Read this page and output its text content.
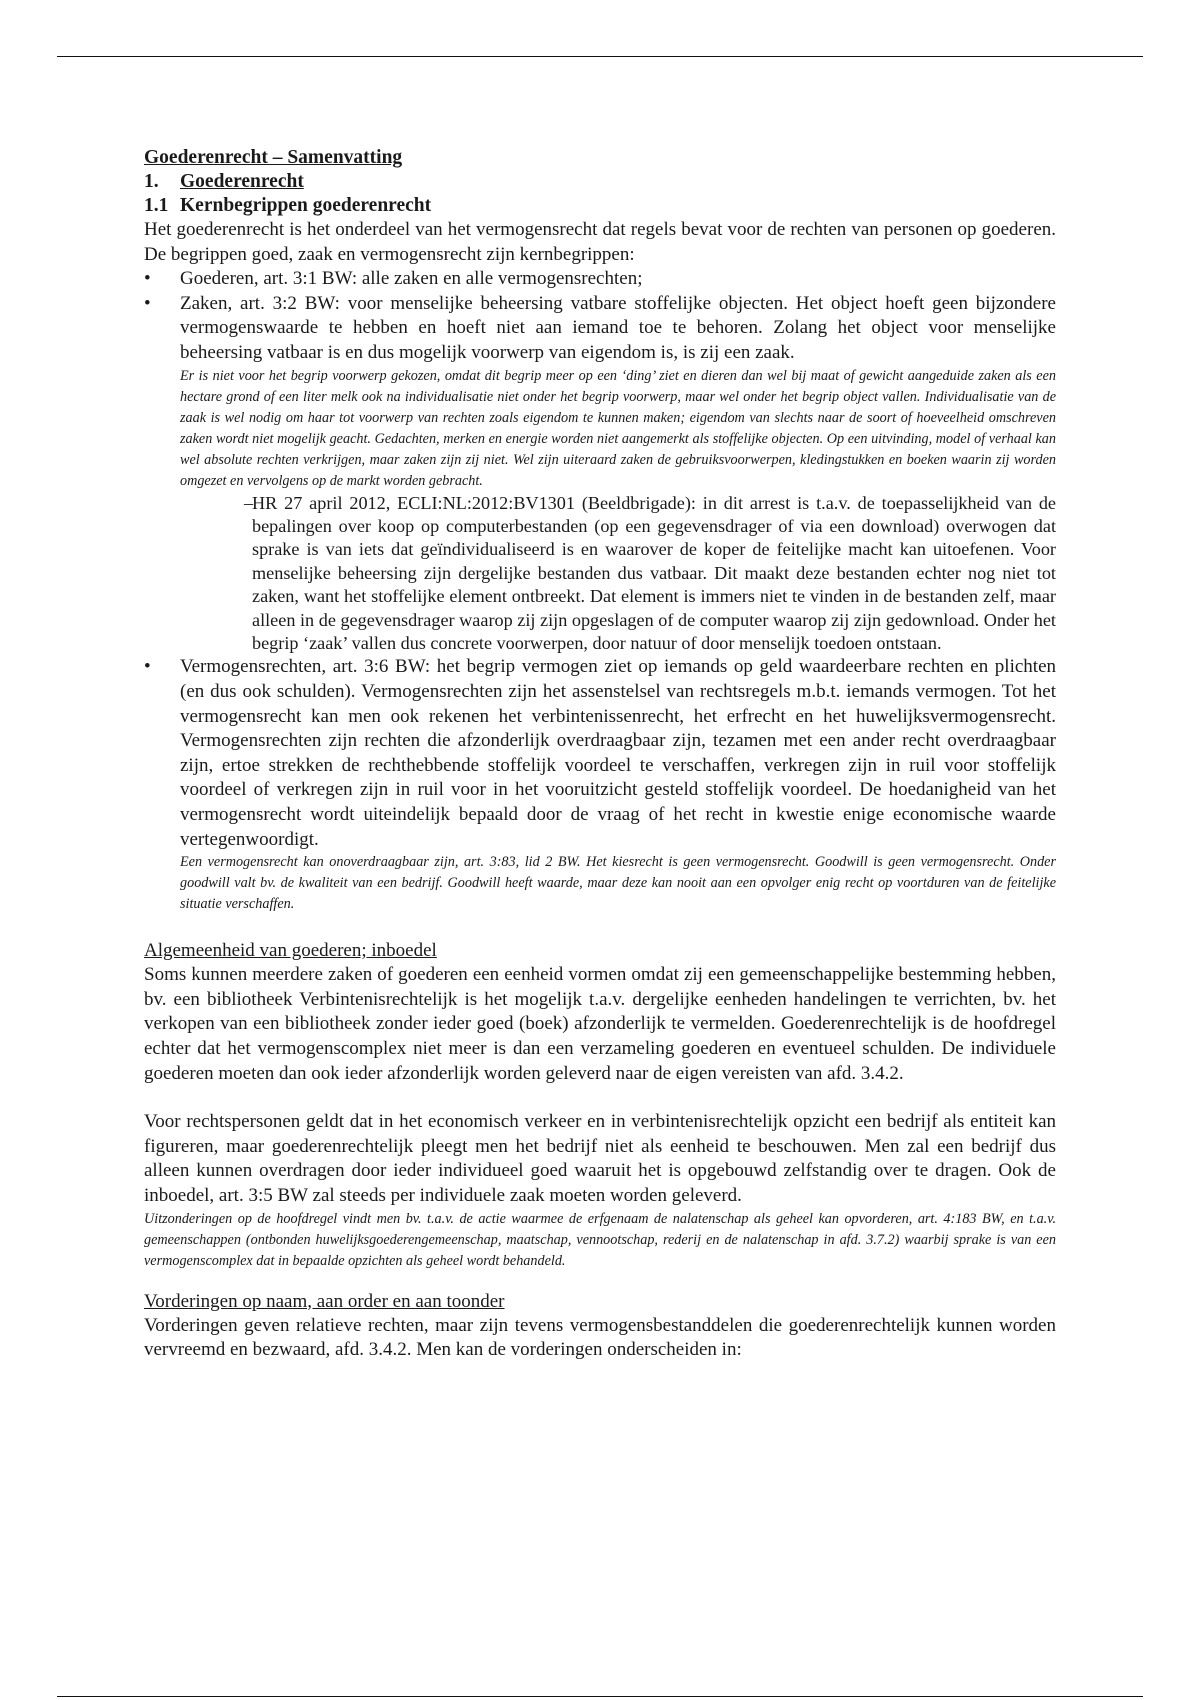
Goederenrecht – Samenvatting

1. Goederenrecht

1.1 Kernbegrippen goederenrecht

Het goederenrecht is het onderdeel van het vermogensrecht dat regels bevat voor de rechten van personen op goederen. De begrippen goed, zaak en vermogensrecht zijn kernbegrippen:

•	Goederen, art. 3:1 BW: alle zaken en alle vermogensrechten;
•	Zaken, art. 3:2 BW: voor menselijke beheersing vatbare stoffelijke objecten. Het object hoeft geen bijzondere vermogenswaarde te hebben en hoeft niet aan iemand toe te behoren. Zolang het object voor menselijke beheersing vatbaar is en dus mogelijk voorwerp van eigendom is, is zij een zaak.

Er is niet voor het begrip voorwerp gekozen, omdat dit begrip meer op een ‘ding’ ziet en dieren dan wel bij maat of gewicht aangeduide zaken als een hectare grond of een liter melk ook na individualisatie niet onder het begrip voorwerp, maar wel onder het begrip object vallen. Individualisatie van de zaak is wel nodig om haar tot voorwerp van rechten zoals eigendom te kunnen maken; eigendom van slechts naar de soort of hoeveelheid omschreven zaken wordt niet mogelijk geacht. Gedachten, merken en energie worden niet aangemerkt als stoffelijke objecten. Op een uitvinding, model of verhaal kan wel absolute rechten verkrijgen, maar zaken zijn zij niet. Wel zijn uiteraard zaken de gebruiksvoorwerpen, kledingstukken en boeken waarin zij worden omgezet en vervolgens op de markt worden gebracht.

–
HR 27 april 2012, ECLI:NL:2012:BV1301 (Beeldbrigade): in dit arrest is t.a.v. de toepasselijkheid van de bepalingen over koop op computerbestanden (op een gegevensdrager of via een download) overwogen dat sprake is van iets dat geïndividualiseerd is en waarover de koper de feitelijke macht kan uitoefenen. Voor menselijke beheersing zijn dergelijke bestanden dus vatbaar. Dit maakt deze bestanden echter nog niet tot zaken, want het stoffelijke element ontbreekt. Dat element is immers niet te vinden in de bestanden zelf, maar alleen in de gegevensdrager waarop zij zijn opgeslagen of de computer waarop zij zijn gedownload. Onder het begrip ‘zaak’ vallen dus concrete voorwerpen, door natuur of door menselijk toedoen ontstaan.
•	Vermogensrechten, art. 3:6 BW: het begrip vermogen ziet op iemands op geld waardeerbare rechten en plichten (en dus ook schulden). Vermogensrechten zijn het assenstelsel van rechtsregels m.b.t. iemands vermogen. Tot het vermogensrecht kan men ook rekenen het verbintenissenrecht, het erfrecht en het huwelijksvermogensrecht. Vermogensrechten zijn rechten die afzonderlijk overdraagbaar zijn, tezamen met een ander recht overdraagbaar zijn, ertoe strekken de rechthebbende stoffelijk voordeel te verschaffen, verkregen zijn in ruil voor stoffelijk voordeel of verkregen zijn in ruil voor in het vooruitzicht gesteld stoffelijk voordeel. De hoedanigheid van het vermogensrecht wordt uiteindelijk bepaald door de vraag of het recht in kwestie enige economische waarde vertegenwoordigt.

Een vermogensrecht kan onoverdraagbaar zijn, art. 3:83, lid 2 BW. Het kiesrecht is geen vermogensrecht. Goodwill is geen vermogensrecht. Onder goodwill valt bv. de kwaliteit van een bedrijf. Goodwill heeft waarde, maar deze kan nooit aan een opvolger enig recht op voortduren van de feitelijke situatie verschaffen.

Algemeenheid van goederen; inboedel

Soms kunnen meerdere zaken of goederen een eenheid vormen omdat zij een gemeenschappelijke bestemming hebben, bv. een bibliotheek Verbintenisrechtelijk is het mogelijk t.a.v. dergelijke eenheden handelingen te verrichten, bv. het verkopen van een bibliotheek zonder ieder goed (boek) afzonderlijk te vermelden. Goederenrechtelijk is de hoofdregel echter dat het vermogenscomplex niet meer is dan een verzameling goederen en eventueel schulden. De individuele goederen moeten dan ook ieder afzonderlijk worden geleverd naar de eigen vereisten van afd. 3.4.2.

Voor rechtspersonen geldt dat in het economisch verkeer en in verbintenisrechtelijk opzicht een bedrijf als entiteit kan figureren, maar goederenrechtelijk pleegt men het bedrijf niet als eenheid te beschouwen. Men zal een bedrijf dus alleen kunnen overdragen door ieder individueel goed waaruit het is opgebouwd zelfstandig over te dragen. Ook de inboedel, art. 3:5 BW zal steeds per individuele zaak moeten worden geleverd.

Uitzonderingen op de hoofdregel vindt men bv. t.a.v. de actie waarmee de erfgenaam de nalatenschap als geheel kan opvorderen, art. 4:183 BW, en t.a.v. gemeenschappen (ontbonden huwelijksgoederengemeenschap, maatschap, vennootschap, rederij en de nalatenschap in afd. 3.7.2) waarbij sprake is van een vermogenscomplex dat in bepaalde opzichten als geheel wordt behandeld.

Vorderingen op naam, aan order en aan toonder

Vorderingen geven relatieve rechten, maar zijn tevens vermogensbestanddelen die goederenrechtelijk kunnen worden vervreemd en bezwaard, afd. 3.4.2. Men kan de vorderingen onderscheiden in:
